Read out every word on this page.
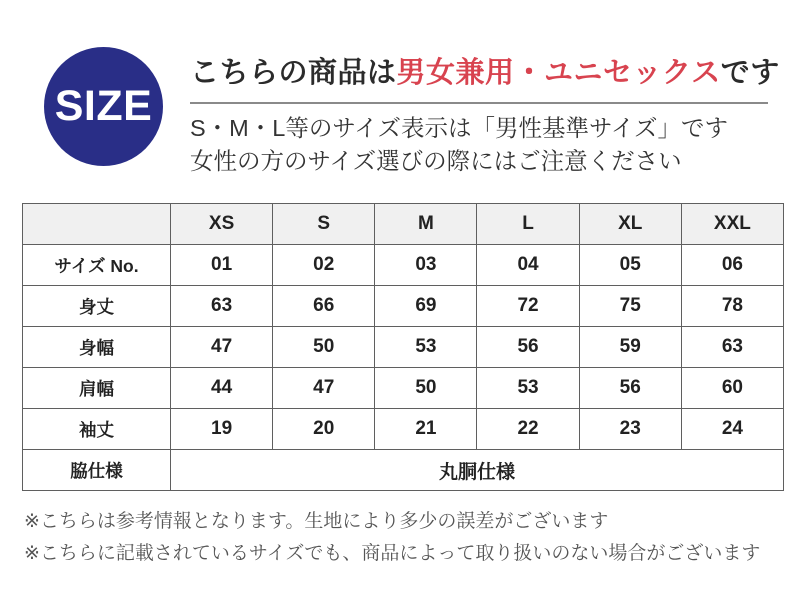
SIZE
こちらの商品は男女兼用・ユニセックスです
S・M・L等のサイズ表示は「男性基準サイズ」です
女性の方のサイズ選びの際にはご注意ください
	XS	S	M	L	XL	XXL
サイズ No.	01	02	03	04	05	06
身丈	63	66	69	72	75	78
身幅	47	50	53	56	59	63
肩幅	44	47	50	53	56	60
袖丈	19	20	21	22	23	24
脇仕様	丸胴仕様					
※こちらは参考情報となります。生地により多少の誤差がございます
※こちらに記載されているサイズでも、商品によって取り扱いのない場合がございます
